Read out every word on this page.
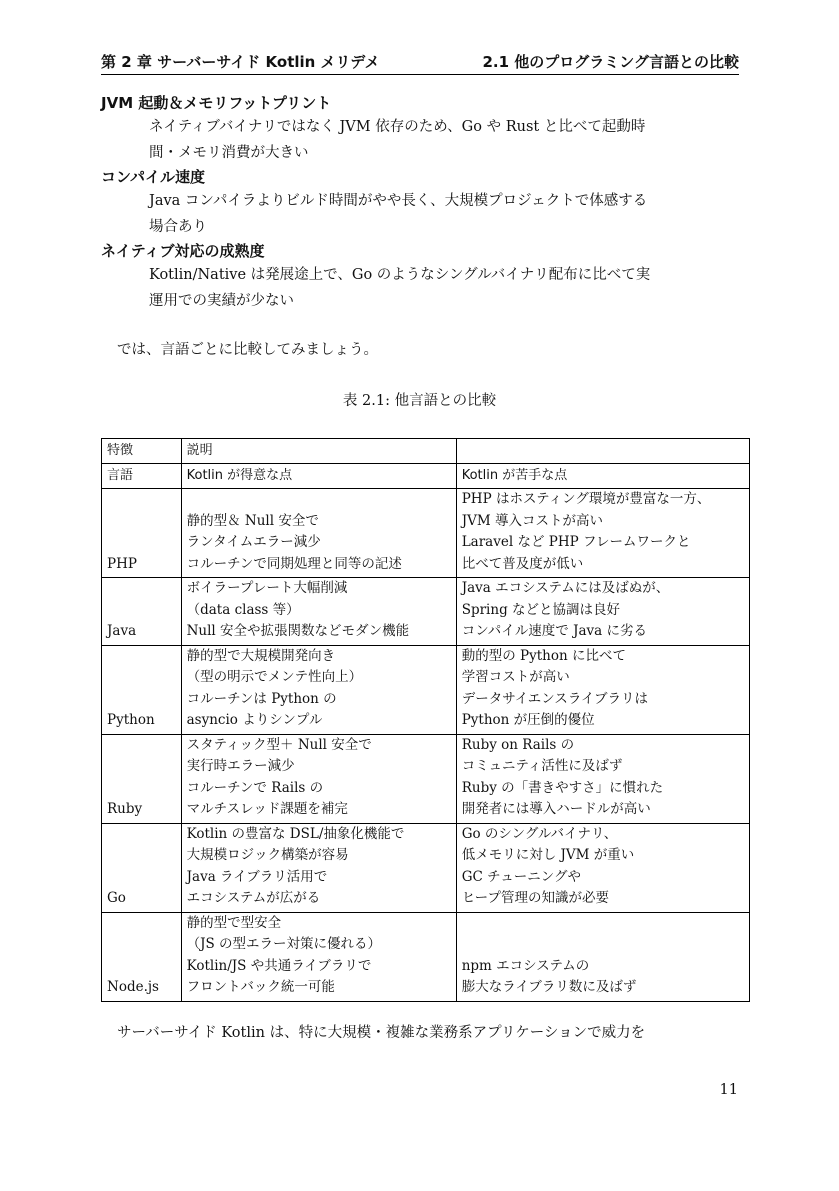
第 2 章 サーバーサイド Kotlin メリデメ	2.1 他のプログラミング言語との比較
JVM 起動＆メモリフットプリント
ネイティブバイナリではなく JVM 依存のため、Go や Rust と比べて起動時
間・メモリ消費が大きい
コンパイル速度
Java コンパイラよりビルド時間がやや長く、大規模プロジェクトで体感する
場合あり
ネイティブ対応の成熟度
Kotlin/Native は発展途上で、Go のようなシングルバイナリ配布に比べて実
運用での実績が少ない
では、言語ごとに比較してみましょう。
表 2.1: 他言語との比較
特徴	説明	
言語	Kotlin が得意な点	Kotlin が苦手な点
PHP	静的型＆ Null 安全で
ランタイムエラー減少
コルーチンで同期処理と同等の記述	PHP はホスティング環境が豊富な一方、
JVM 導入コストが高い
Laravel など PHP フレームワークと
比べて普及度が低い

Java	ボイラープレート大幅削減
（data class 等）
Null 安全や拡張関数などモダン機能	Java エコシステムには及ばぬが、
Spring などと協調は良好
コンパイル速度で Java に劣る

Python	静的型で大規模開発向き
（型の明示でメンテ性向上）
コルーチンは Python の
asyncio よりシンプル	動的型の Python に比べて
学習コストが高い
データサイエンスライブラリは
Python が圧倒的優位

Ruby	スタティック型＋ Null 安全で
実行時エラー減少
コルーチンで Rails の
マルチスレッド課題を補完	Ruby on Rails の
コミュニティ活性に及ばず
Ruby の「書きやすさ」に慣れた
開発者には導入ハードルが高い

Go	Kotlin の豊富な DSL/抽象化機能で
大規模ロジック構築が容易
Java ライブラリ活用で
エコシステムが広がる	Go のシングルバイナリ、
低メモリに対し JVM が重い
GC チューニングや
ヒープ管理の知識が必要

Node.js	静的型で型安全
（JS の型エラー対策に優れる）
Kotlin/JS や共通ライブラリで
フロントバック統一可能	npm エコシステムの
膨大なライブラリ数に及ばず
サーバーサイド Kotlin は、特に大規模・複雑な業務系アプリケーションで威力を
11
